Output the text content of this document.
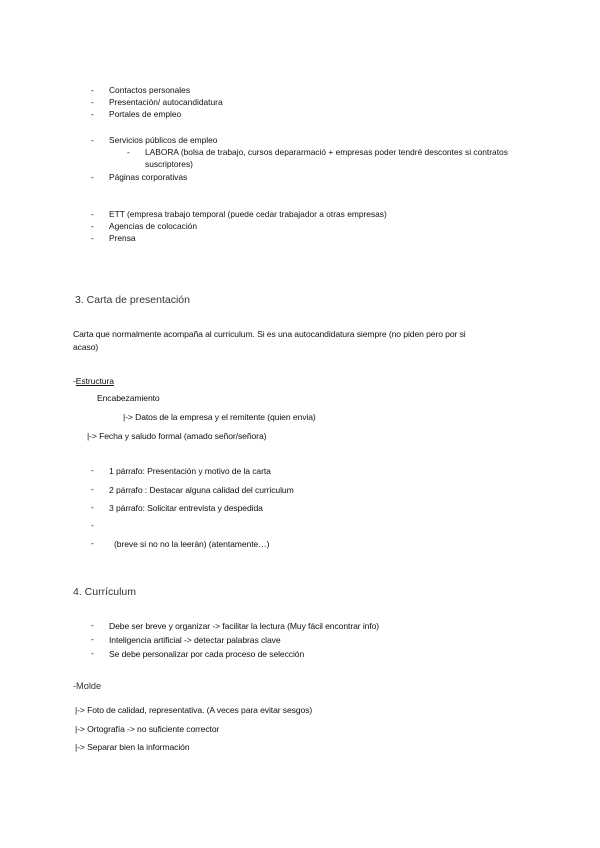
- Contactos personales
- Presentación/ autocandidatura
- Portales de empleo
- Servicios públicos de empleo
- LABORA (bolsa de trabajo, cursos depararmació + empresas poder tendré descontes si contratos
suscriptores)
- Páginas corporativas
- ETT (empresa trabajo temporal (puede cedar trabajador a otras empresas)
- Agencias de colocación
- Prensa
3. Carta de presentación
Carta que normalmente acompaña al curriculum. Si es una autocandidatura siempre (no piden pero por si
acaso)
-Estructura
Encabezamiento
|-> Datos de la empresa y el remitente (quien envia)
|-> Fecha y saludo formal (amado señor/señora)
- 1 párrafo: Presentación y motivo de la carta
- 2 párrafo : Destacar alguna calidad del curriculum
- 3 párrafo: Solicitar entrevista y despedida
-
- (breve si no no la leerán) (atentamente…)
4. Currículum
- Debe ser breve y organizar -> facilitar la lectura (Muy fácil encontrar info)
- Inteligencia artificial -> detectar palabras clave
- Se debe personalizar por cada proceso de selección
-Molde
|-> Foto de calidad, representativa. (A veces para evitar sesgos)
|-> Ortografía -> no suficiente corrector
|-> Separar bien la información
